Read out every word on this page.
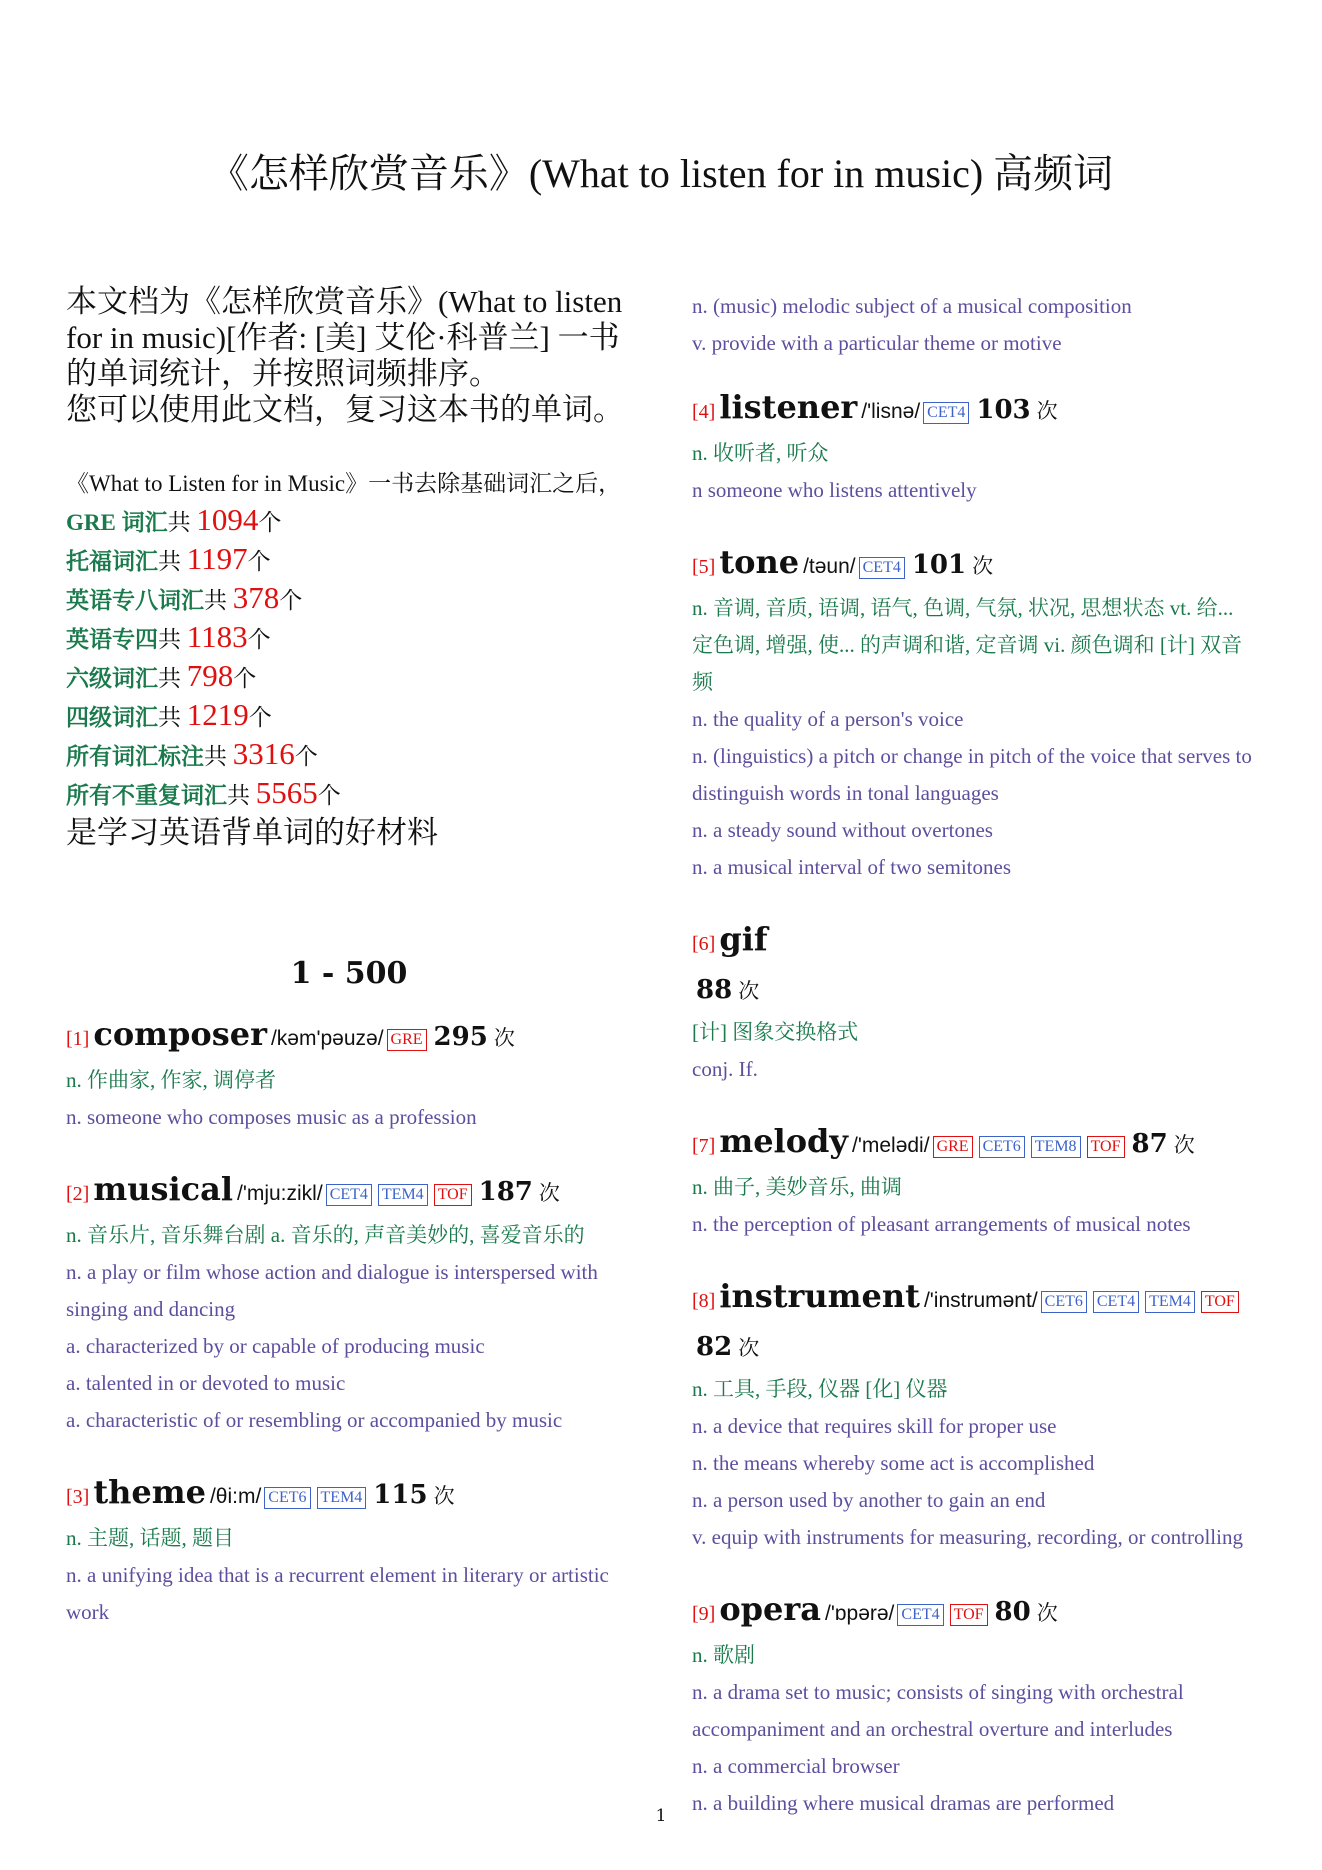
《怎样欣赏音乐》(What to listen for in music) 高频词

本文档为《怎样欣赏音乐》(What to listen for in music)[作者: [美] 艾伦·科普兰] 一书的单词统计，并按照词频排序。

您可以使用此文档，复习这本书的单词。

《What to Listen for in Music》一书去除基础词汇之后，
GRE 词汇共 1094个
托福词汇共 1197个
英语专八词汇共 378个
英语专四共 1183个
六级词汇共 798个
四级词汇共 1219个
所有词汇标注共 3316个
所有不重复词汇共 5565个
是学习英语背单词的好材料
1 - 500
[1] composer /kəm'pəuzə/ GRE 295 次
n. 作曲家, 作家, 调停者
n. someone who composes music as a profession
[2] musical /'mju:zikl/ CET4 TEM4 TOF 187 次
n. 音乐片, 音乐舞台剧 a. 音乐的, 声音美妙的, 喜爱音乐的
n. a play or film whose action and dialogue is interspersed with singing and dancing
a. characterized by or capable of producing music
a. talented in or devoted to music
a. characteristic of or resembling or accompanied by music
[3] theme /θi:m/ CET6 TEM4 115 次
n. 主题, 话题, 题目
n. a unifying idea that is a recurrent element in literary or artistic work
n. (music) melodic subject of a musical composition
v. provide with a particular theme or motive
[4] listener /'lisnə/ CET4 103 次
n. 收听者, 听众
n someone who listens attentively
[5] tone /təun/ CET4 101 次
n. 音调, 音质, 语调, 语气, 色调, 气氛, 状况, 思想状态 vt. 给... 定色调, 增强, 使... 的声调和谐, 定音调 vi. 颜色调和 [计] 双音频
n. the quality of a person's voice
n. (linguistics) a pitch or change in pitch of the voice that serves to distinguish words in tonal languages
n. a steady sound without overtones
n. a musical interval of two semitones
[6] gif
88 次
[计] 图象交换格式
conj. If.
[7] melody /'melədi/ GRE CET6 TEM8 TOF 87 次
n. 曲子, 美妙音乐, 曲调
n. the perception of pleasant arrangements of musical notes
[8] instrument /'instrumənt/ CET6 CET4 TEM4 TOF82 次
n. 工具, 手段, 仪器 [化] 仪器
n. a device that requires skill for proper use
n. the means whereby some act is accomplished
n. a person used by another to gain an end
v. equip with instruments for measuring, recording, or controlling
[9] opera /'ɒpərə/ CET4 TOF 80 次
n. 歌剧
n. a drama set to music; consists of singing with orchestral accompaniment and an orchestral overture and interludes
n. a commercial browser
n. a building where musical dramas are performed
1
